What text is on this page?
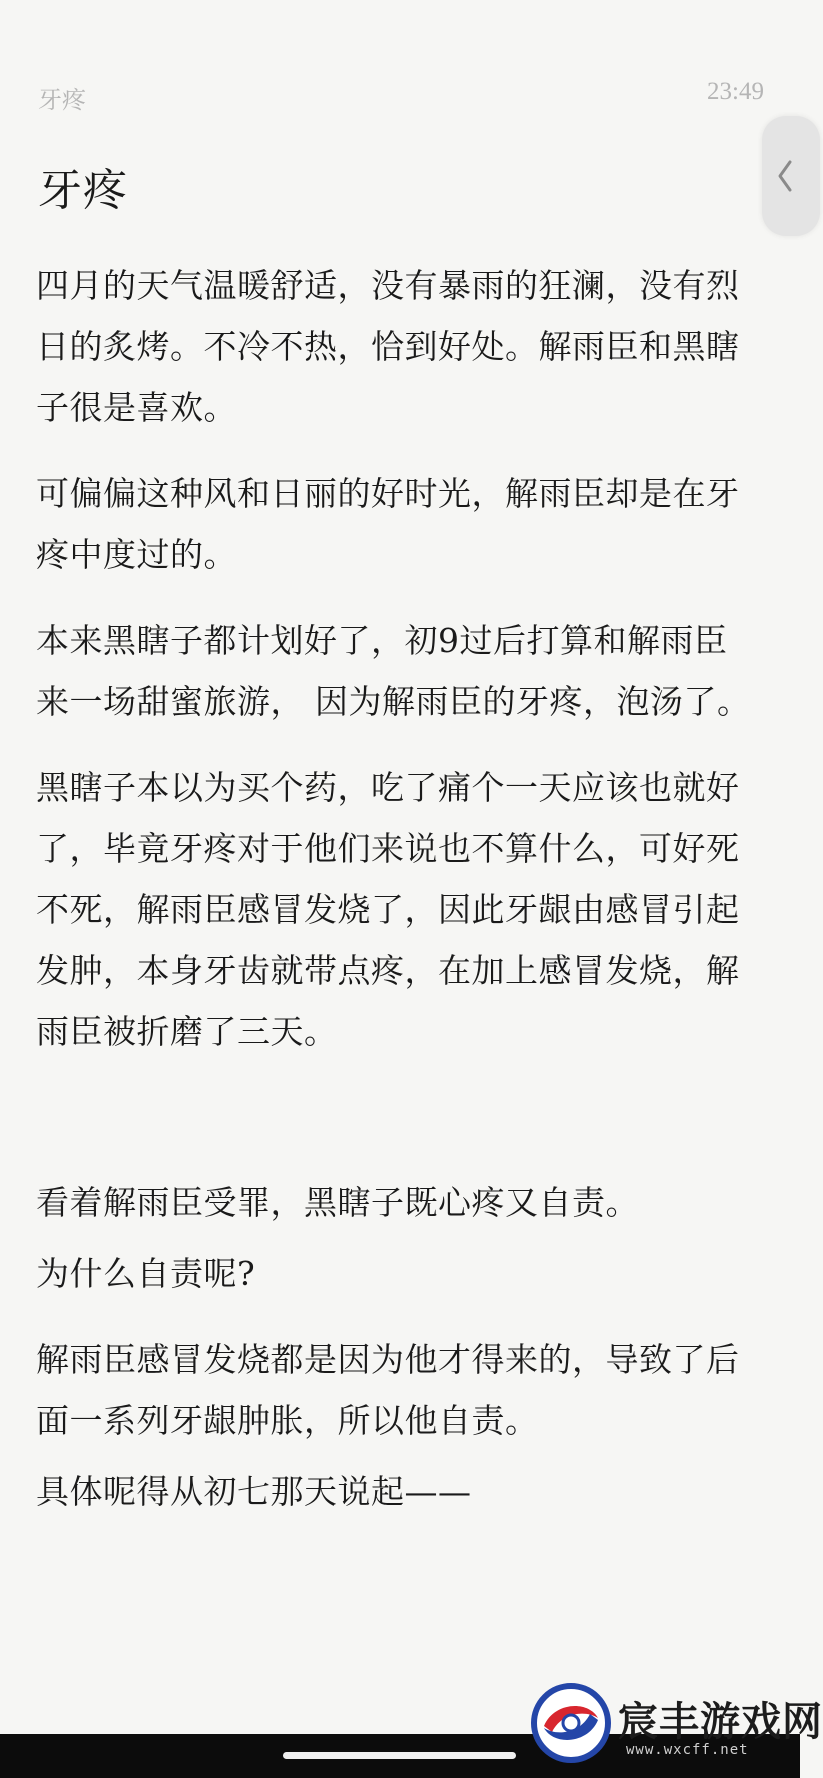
牙疼	23:49
牙疼

四月的天气温暖舒适，没有暴雨的狂澜，没有烈日的炙烤。不冷不热，恰到好处。解雨臣和黑瞎子很是喜欢。

可偏偏这种风和日丽的好时光，解雨臣却是在牙疼中度过的。

本来黑瞎子都计划好了，初9过后打算和解雨臣来一场甜蜜旅游， 因为解雨臣的牙疼，泡汤了。

黑瞎子本以为买个药，吃了痛个一天应该也就好了，毕竟牙疼对于他们来说也不算什么，可好死不死，解雨臣感冒发烧了，因此牙龈由感冒引起发肿，本身牙齿就带点疼，在加上感冒发烧，解雨臣被折磨了三天。

看着解雨臣受罪，黑瞎子既心疼又自责。

为什么自责呢?

解雨臣感冒发烧都是因为他才得来的，导致了后面一系列牙龈肿胀，所以他自责。

具体呢得从初七那天说起——

宸丰游戏网
www.wxcff.net
